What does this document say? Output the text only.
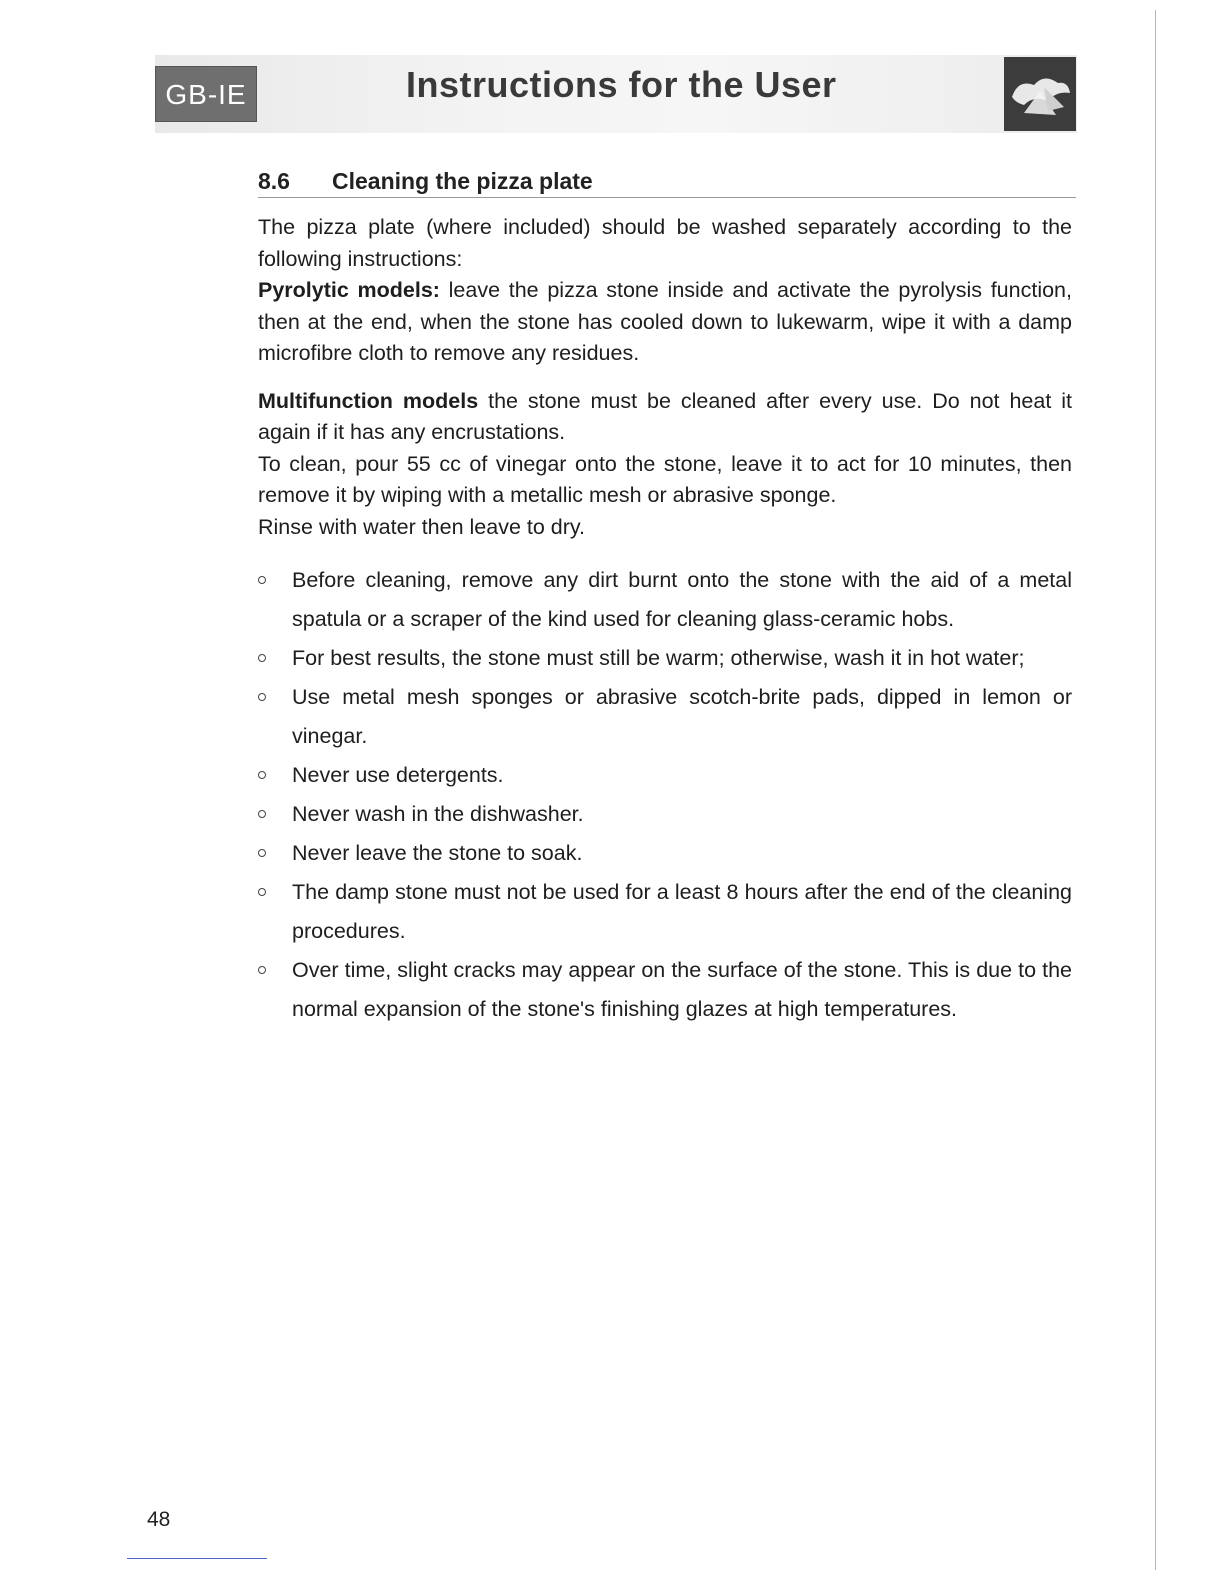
GB-IE	Instructions for the User
8.6 Cleaning the pizza plate

The pizza plate (where included) should be washed separately according to the following instructions:

Pyrolytic models: leave the pizza stone inside and activate the pyrolysis function, then at the end, when the stone has cooled down to lukewarm, wipe it with a damp microfibre cloth to remove any residues.

Multifunction models the stone must be cleaned after every use. Do not heat it again if it has any encrustations.

To clean, pour 55 cc of vinegar onto the stone, leave it to act for 10 minutes, then remove it by wiping with a metallic mesh or abrasive sponge.

Rinse with water then leave to dry.

Before cleaning, remove any dirt burnt onto the stone with the aid of a metal spatula or a scraper of the kind used for cleaning glass-ceramic hobs.
For best results, the stone must still be warm; otherwise, wash it in hot water;
Use metal mesh sponges or abrasive scotch-brite pads, dipped in lemon or vinegar.
Never use detergents.
Never wash in the dishwasher.
Never leave the stone to soak.
The damp stone must not be used for a least 8 hours after the end of the cleaning procedures.
Over time, slight cracks may appear on the surface of the stone. This is due to the normal expansion of the stone's finishing glazes at high temperatures.
48
